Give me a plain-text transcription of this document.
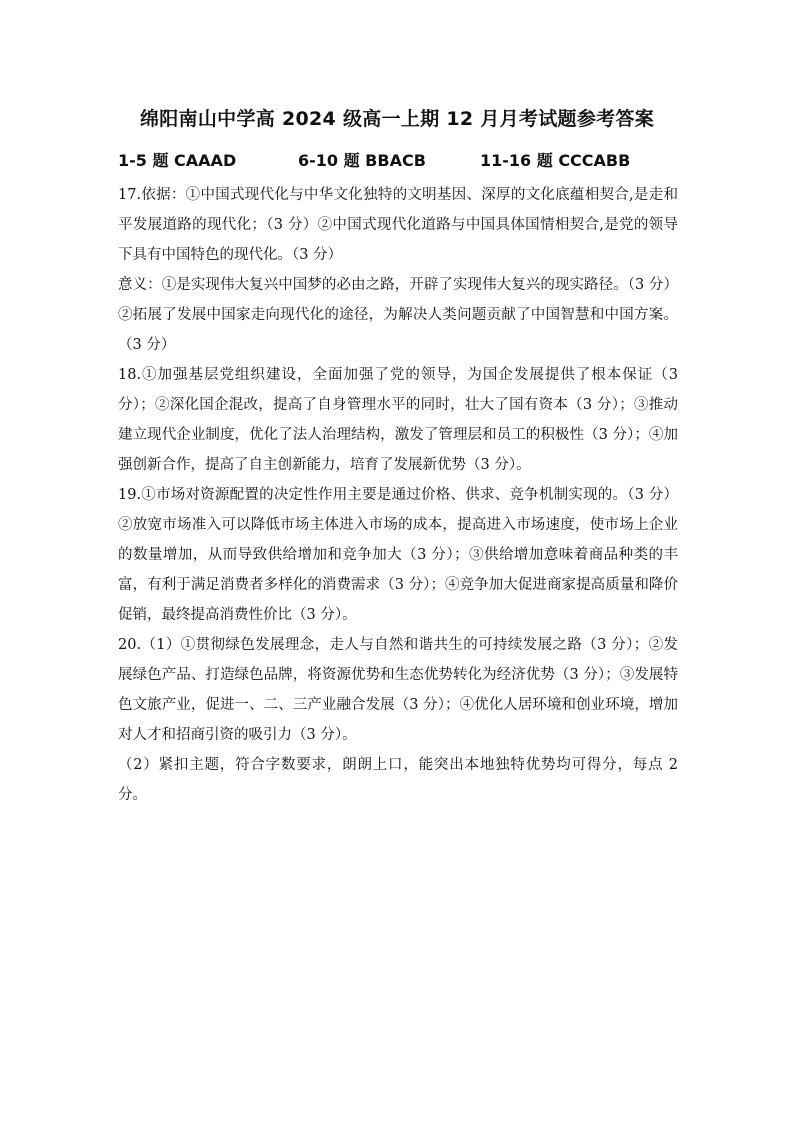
绵阳南山中学高 2024 级高一上期 12 月月考试题参考答案
1-5 题 CAAAD	6-10 题 BBACB	11-16 题 CCCABB

17.依据：①中国式现代化与中华文化独特的文明基因、深厚的文化底蕴相契合,是走和平发展道路的现代化；（3 分）②中国式现代化道路与中国具体国情相契合,是党的领导下具有中国特色的现代化。（3 分）

意义：①是实现伟大复兴中国梦的必由之路，开辟了实现伟大复兴的现实路径。（3 分）②拓展了发展中国家走向现代化的途径，为解决人类问题贡献了中国智慧和中国方案。（3 分）

18.①加强基层党组织建设，全面加强了党的领导，为国企发展提供了根本保证（3 分）；②深化国企混改，提高了自身管理水平的同时，壮大了国有资本（3 分）；③推动建立现代企业制度，优化了法人治理结构，激发了管理层和员工的积极性（3 分）；④加强创新合作，提高了自主创新能力，培育了发展新优势（3 分）。

19.①市场对资源配置的决定性作用主要是通过价格、供求、竞争机制实现的。（3 分）②放宽市场准入可以降低市场主体进入市场的成本，提高进入市场速度，使市场上企业的数量增加，从而导致供给增加和竞争加大（3 分）；③供给增加意味着商品种类的丰富，有利于满足消费者多样化的消费需求（3 分）；④竞争加大促进商家提高质量和降价促销，最终提高消费性价比（3 分）。

20.（1）①贯彻绿色发展理念，走人与自然和谐共生的可持续发展之路（3 分）；②发展绿色产品、打造绿色品牌，将资源优势和生态优势转化为经济优势（3 分）；③发展特色文旅产业，促进一、二、三产业融合发展（3 分）；④优化人居环境和创业环境，增加对人才和招商引资的吸引力（3 分）。

（2）紧扣主题，符合字数要求，朗朗上口，能突出本地独特优势均可得分，每点 2 分。
